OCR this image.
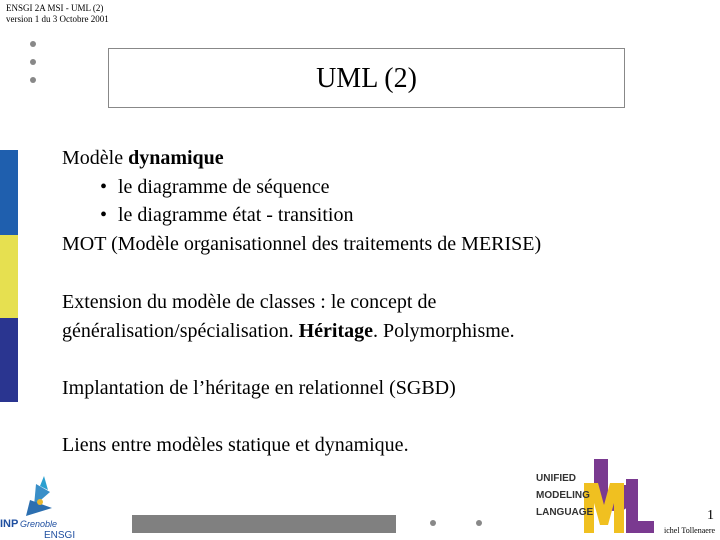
ENSGI 2A MSI - UML (2)
version 1 du 3 Octobre 2001
UML (2)
Modèle dynamique
• le diagramme de séquence
• le diagramme état - transition
MOT (Modèle organisationnel des traitements de MERISE)
Extension du modèle de classes : le concept de
généralisation/spécialisation. Héritage. Polymorphisme.
Implantation de l’héritage en relationnel (SGBD)
Liens entre modèles statique et dynamique.
INP Grenoble
ENSGI
UNIFIED
MODELING
LANGUAGE	1
ichel Tollenaere
